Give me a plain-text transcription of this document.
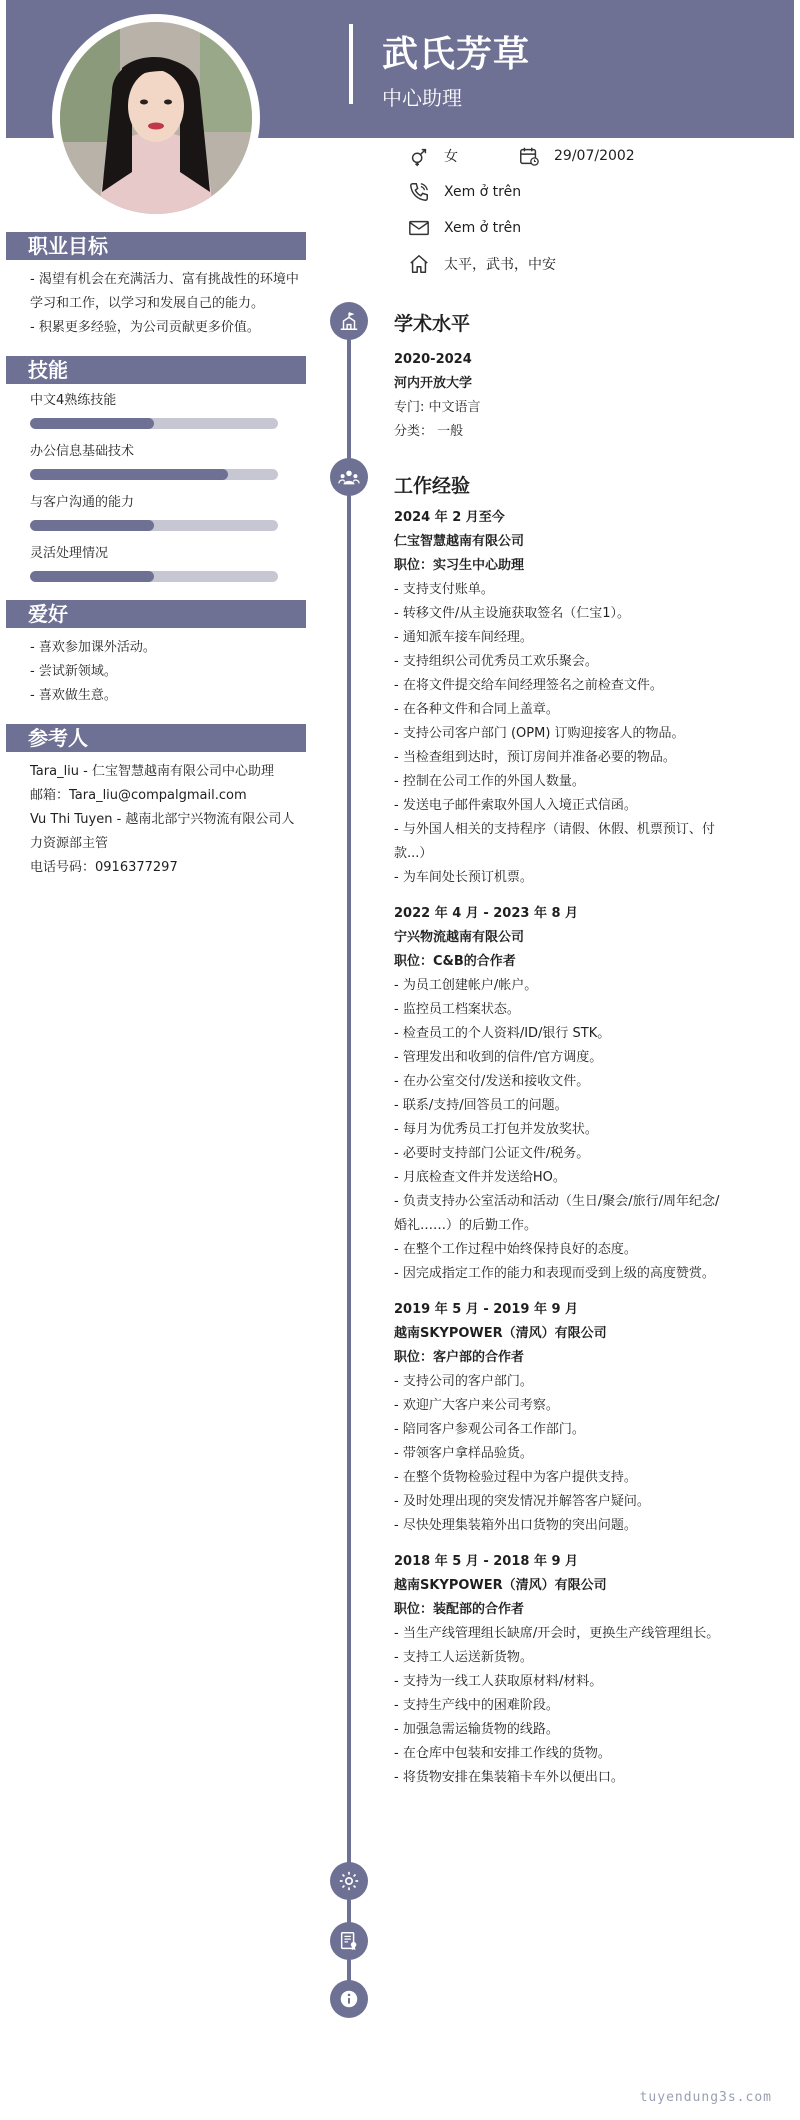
武氏芳草
中心助理
女	29/07/2002
Xem ở trên
Xem ở trên
太平，武书，中安
职业目标
- 渴望有机会在充满活力、富有挑战性的环境中学习和工作，以学习和发展自己的能力。
- 积累更多经验，为公司贡献更多价值。
技能
中文4熟练技能
办公信息基础技术
与客户沟通的能力
灵活处理情况
爱好
- 喜欢参加课外活动。
- 尝试新领域。
- 喜欢做生意。
参考人
Tara_liu - 仁宝智慧越南有限公司中心助理
邮箱：Tara_liu@compalgmail.com
Vu Thi Tuyen - 越南北部宁兴物流有限公司人力资源部主管
电话号码：0916377297
学术水平
2020-2024
河内开放大学
专门: 中文语言
分类： 一般
工作经验
2024 年 2 月至今
仁宝智慧越南有限公司
职位：实习生中心助理
- 支持支付账单。
- 转移文件/从主设施获取签名（仁宝1）。
- 通知派车接车间经理。
- 支持组织公司优秀员工欢乐聚会。
- 在将文件提交给车间经理签名之前检查文件。
- 在各种文件和合同上盖章。
- 支持公司客户部门 (OPM) 订购迎接客人的物品。
- 当检查组到达时，预订房间并准备必要的物品。
- 控制在公司工作的外国人数量。
- 发送电子邮件索取外国人入境正式信函。
- 与外国人相关的支持程序（请假、休假、机票预订、付款...）
- 为车间处长预订机票。
2022 年 4 月 - 2023 年 8 月
宁兴物流越南有限公司
职位：C&B的合作者
- 为员工创建帐户/帐户。
- 监控员工档案状态。
- 检查员工的个人资料/ID/银行 STK。
- 管理发出和收到的信件/官方调度。
- 在办公室交付/发送和接收文件。
- 联系/支持/回答员工的问题。
- 每月为优秀员工打包并发放奖状。
- 必要时支持部门公证文件/税务。
- 月底检查文件并发送给HO。
- 负责支持办公室活动和活动（生日/聚会/旅行/周年纪念/婚礼……）的后勤工作。
- 在整个工作过程中始终保持良好的态度。
- 因完成指定工作的能力和表现而受到上级的高度赞赏。
2019 年 5 月 - 2019 年 9 月
越南SKYPOWER（清风）有限公司
职位：客户部的合作者
- 支持公司的客户部门。
- 欢迎广大客户来公司考察。
- 陪同客户参观公司各工作部门。
- 带领客户拿样品验货。
- 在整个货物检验过程中为客户提供支持。
- 及时处理出现的突发情况并解答客户疑问。
- 尽快处理集装箱外出口货物的突出问题。
2018 年 5 月 - 2018 年 9 月
越南SKYPOWER（清风）有限公司
职位：装配部的合作者
- 当生产线管理组长缺席/开会时，更换生产线管理组长。
- 支持工人运送新货物。
- 支持为一线工人获取原材料/材料。
- 支持生产线中的困难阶段。
- 加强急需运输货物的线路。
- 在仓库中包装和安排工作线的货物。
- 将货物安排在集装箱卡车外以便出口。
tuyendung3s.com
